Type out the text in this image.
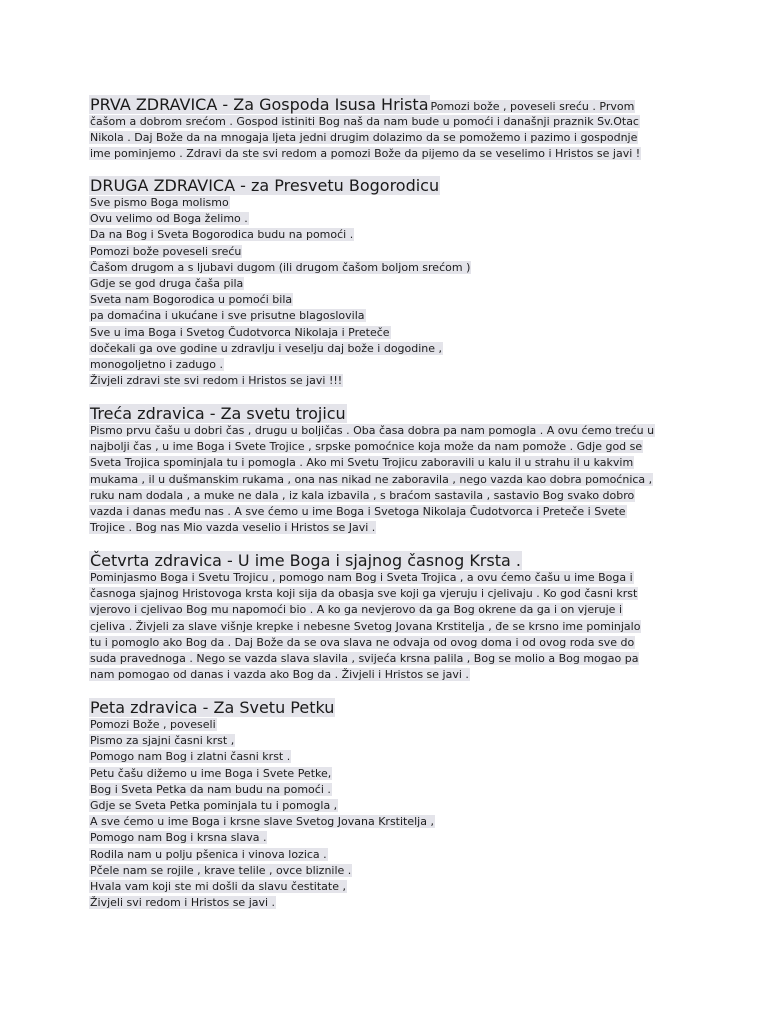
PRVA ZDRAVICA - Za Gospoda Isusa Hrista Pomozi bože , poveseli sreću . Prvom
čašom a dobrom srećom . Gospod istiniti Bog naš da nam bude u pomoći i današnji praznik Sv.Otac
Nikola . Daj Bože da na mnogaja ljeta jedni drugim dolazimo da se pomožemo i pazimo i gospodnje
ime pominjemo . Zdravi da ste svi redom a pomozi Bože da pijemo da se veselimo i Hristos se javi !
DRUGA ZDRAVICA - za Presvetu Bogorodicu
Sve pismo Boga molismo
Ovu velimo od Boga želimo .
Da na Bog i Sveta Bogorodica budu na pomoći .
Pomozi bože poveseli sreću
Čašom drugom a s ljubavi dugom (ili drugom čašom boljom srećom )
Gdje se god druga čaša pila
Sveta nam Bogorodica u pomoći bila
pa domaćina i ukućane i sve prisutne blagoslovila
Sve u ima Boga i Svetog Čudotvorca Nikolaja i Preteče
dočekali ga ove godine u zdravlju i veselju daj bože i dogodine ,
monogoljetno i zadugo .
Živjeli zdravi ste svi redom i Hristos se javi !!!
Treća zdravica - Za svetu trojicu
Pismo prvu čašu u dobri čas , drugu u boljičas . Oba časa dobra pa nam pomogla . A ovu ćemo treću u
najbolji čas , u ime Boga i Svete Trojice , srpske pomoćnice koja može da nam pomože . Gdje god se
Sveta Trojica spominjala tu i pomogla . Ako mi Svetu Trojicu zaboravili u kalu il u strahu il u kakvim
mukama , il u dušmanskim rukama , ona nas nikad ne zaboravila , nego vazda kao dobra pomoćnica ,
ruku nam dodala , a muke ne dala , iz kala izbavila , s braćom sastavila , sastavio Bog svako dobro
vazda i danas među nas . A sve ćemo u ime Boga i Svetoga Nikolaja Čudotvorca i Preteče i Svete
Trojice . Bog nas Mio vazda veselio i Hristos se Javi .
Četvrta zdravica - U ime Boga i sjajnog časnog Krsta .
Pominjasmo Boga i Svetu Trojicu , pomogo nam Bog i Sveta Trojica , a ovu ćemo čašu u ime Boga i
časnoga sjajnog Hristovoga krsta koji sija da obasja sve koji ga vjeruju i cjelivaju . Ko god časni krst
vjerovo i cjelivao Bog mu napomoći bio . A ko ga nevjerovo da ga Bog okrene da ga i on vjeruje i
cjeliva . Živjeli za slave višnje krepke i nebesne Svetog Jovana Krstitelja , đe se krsno ime pominjalo
tu i pomoglo ako Bog da . Daj Bože da se ova slava ne odvaja od ovog doma i od ovog roda sve do
suda pravednoga . Nego se vazda slava slavila , svijeća krsna palila , Bog se molio a Bog mogao pa
nam pomogao od danas i vazda ako Bog da . Živjeli i Hristos se javi .
Peta zdravica - Za Svetu Petku
Pomozi Bože , poveseli
Pismo za sjajni časni krst ,
Pomogo nam Bog i zlatni časni krst .
Petu čašu dižemo u ime Boga i Svete Petke,
Bog i Sveta Petka da nam budu na pomoći .
Gdje se Sveta Petka pominjala tu i pomogla ,
A sve ćemo u ime Boga i krsne slave Svetog Jovana Krstitelja ,
Pomogo nam Bog i krsna slava .
Rodila nam u polju pšenica i vinova lozica .
Pčele nam se rojile , krave telile , ovce bliznile .
Hvala vam koji ste mi došli da slavu čestitate ,
Živjeli svi redom i Hristos se javi .
